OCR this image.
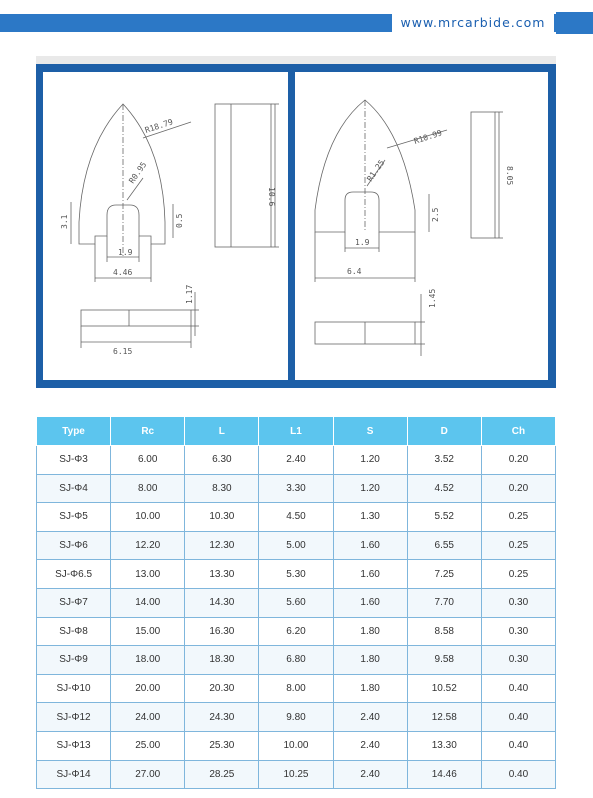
www.mrcarbide.com
R18.79
R0.95
3.1	0.5
1.9
4.46
1.17
10.6
6.15
R10.99
R1.25
2.5
1.9
6.4
1.45
8.05
Type	Rc	L	L1	S	D	Ch
SJ-Φ3	6.00	6.30	2.40	1.20	3.52	0.20
SJ-Φ4	8.00	8.30	3.30	1.20	4.52	0.20
SJ-Φ5	10.00	10.30	4.50	1.30	5.52	0.25
SJ-Φ6	12.20	12.30	5.00	1.60	6.55	0.25
SJ-Φ6.5	13.00	13.30	5.30	1.60	7.25	0.25
SJ-Φ7	14.00	14.30	5.60	1.60	7.70	0.30
SJ-Φ8	15.00	16.30	6.20	1.80	8.58	0.30
SJ-Φ9	18.00	18.30	6.80	1.80	9.58	0.30
SJ-Φ10	20.00	20.30	8.00	1.80	10.52	0.40
SJ-Φ12	24.00	24.30	9.80	2.40	12.58	0.40
SJ-Φ13	25.00	25.30	10.00	2.40	13.30	0.40
SJ-Φ14	27.00	28.25	10.25	2.40	14.46	0.40
